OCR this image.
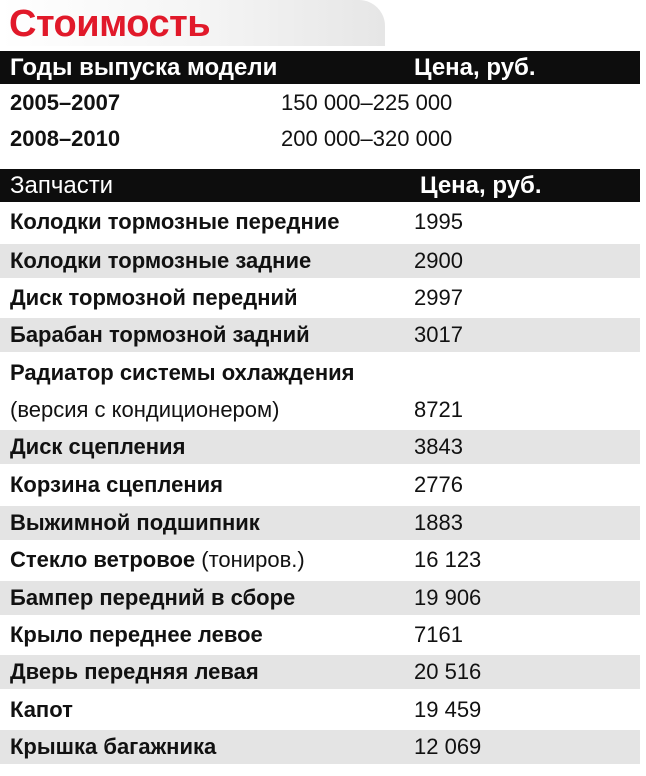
Стоимость
Годы выпуска модели	Цена, руб.
2005–2007	150 000–225 000
2008–2010	200 000–320 000
Запчасти	Цена, руб.
Колодки тормозные передние	1995
Колодки тормозные задние	2900
Диск тормозной передний	2997
Барабан тормозной задний	3017
Радиатор системы охлаждения
(версия с кондиционером)	8721
Диск сцепления	3843
Корзина сцепления	2776
Выжимной подшипник	1883
Стекло ветровое (тониров.)	16 123
Бампер передний в сборе	19 906
Крыло переднее левое	7161
Дверь передняя левая	20 516
Капот	19 459
Крышка багажника	12 069
